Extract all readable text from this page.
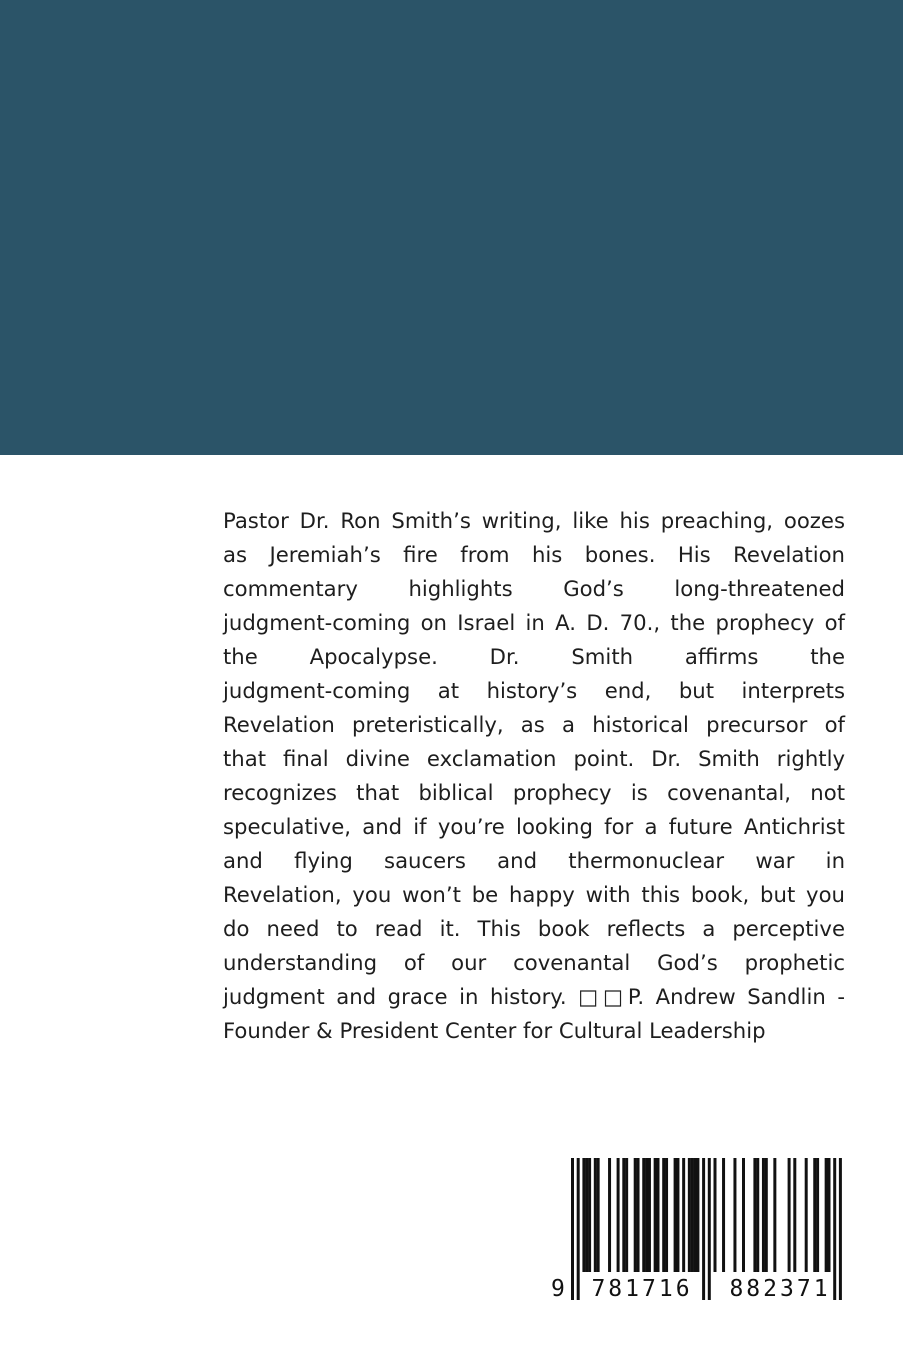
Pastor Dr. Ron Smith’s writing, like his preaching, oozes
as Jeremiah’s fire from his bones. His Revelation
commentary highlights God’s long-threatened
judgment-coming on Israel in A. D. 70., the prophecy of
the Apocalypse. Dr. Smith affirms the
judgment-coming at history’s end, but interprets
Revelation preteristically, as a historical precursor of
that final divine exclamation point. Dr. Smith rightly
recognizes that biblical prophecy is covenantal, not
speculative, and if you’re looking for a future Antichrist
and flying saucers and thermonuclear war in
Revelation, you won’t be happy with this book, but you
do need to read it. This book reflects a perceptive
understanding of our covenantal God’s prophetic
judgment and grace in history. □□P. Andrew Sandlin -
Founder & President Center for Cultural Leadership
9 781716 882371
